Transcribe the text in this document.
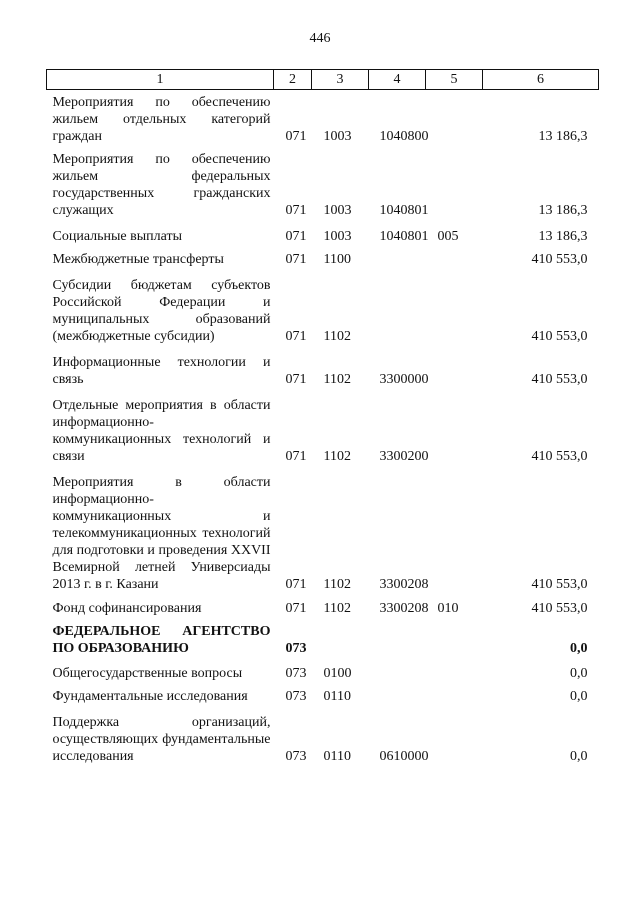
446
1	2	3	4	5	6

Мероприятия по обеспечению жильем отдельных категорий граждан	071	1003	1040800		13 186,3

Мероприятия по обеспечению жильем федеральных государственных гражданских служащих	071	1003	1040801		13 186,3

Социальные выплаты	071	1003	1040801	005	13 186,3

Межбюджетные трансферты	071	1100			410 553,0

Субсидии бюджетам субъектов Российской Федерации и муниципальных образований (межбюджетные субсидии)	071	1102			410 553,0

Информационные технологии и связь	071	1102	3300000		410 553,0

Отдельные мероприятия в области информационно-коммуникационных технологий и связи	071	1102	3300200		410 553,0

Мероприятия в области информационно-коммуникационных и телекоммуникационных технологий для подготовки и проведения XXVII Всемирной летней Универсиады 2013 г. в г. Казани	071	1102	3300208		410 553,0

Фонд софинансирования	071	1102	3300208	010	410 553,0

ФЕДЕРАЛЬНОЕ АГЕНТСТВО ПО ОБРАЗОВАНИЮ	073				0,0

Общегосударственные вопросы	073	0100			0,0

Фундаментальные исследования	073	0110			0,0

Поддержка организаций, осуществляющих фундаментальные исследования	073	0110	0610000		0,0
